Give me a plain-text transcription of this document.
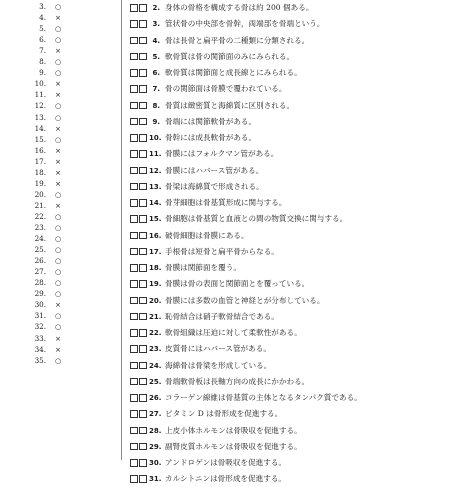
3. ○
4. ×
5. ○
6. ○
7. ×
8. ○
9. ○
10. ×
11. ×
12. ○
13. ○
14. ×
15. ○
16. ×
17. ×
18. ×
19. ×
20. ○
21. ×
22. ○
23. ○
24. ○
25. ○
26. ○
27. ○
28. ○
29. ○
30. ×
31. ○
32. ○
33. ×
34. ×
35. ○
2. 身体の骨格を構成する骨は約 200 個ある。
3. 管状骨の中央部を骨幹，両端部を骨端という。
4. 骨は長骨と扁平骨の二種類に分類される。
5. 軟骨質は骨の関節面のみにみられる。
6. 軟骨質は関節面と成長線とにみられる。
7. 骨の関節面は骨膜で覆われている。
8. 骨質は緻密質と海綿質に区別される。
9. 骨端には関節軟骨がある。
10. 骨幹には成長軟骨がある。
11. 骨膜にはフォルクマン管がある。
12. 骨膜にはハバース管がある。
13. 骨梁は海綿質で形成される。
14. 骨芽細胞は骨基質形成に関与する。
15. 骨細胞は骨基質と血液との間の物質交換に関与する。
16. 破骨細胞は骨膜にある。
17. 手根骨は短骨と扁平骨からなる。
18. 骨膜は関節面を覆う。
19. 骨膜は骨の表面と関節面とを覆っている。
20. 骨膜には多数の血管と神経とが分布している。
21. 恥骨結合は硝子軟骨結合である。
22. 軟骨組織は圧迫に対して柔軟性がある。
23. 皮質骨にはハバース管がある。
24. 海綿骨は骨梁を形成している。
25. 骨端軟骨板は長軸方向の成長にかかわる。
26. コラーゲン線維は骨基質の主体となるタンパク質である。
27. ビタミン D は骨形成を促進する。
28. 上皮小体ホルモンは骨吸収を促進する。
29. 副腎皮質ホルモンは骨吸収を促進する。
30. アンドロゲンは骨吸収を促進する。
31. カルシトニンは骨形成を促進する。
